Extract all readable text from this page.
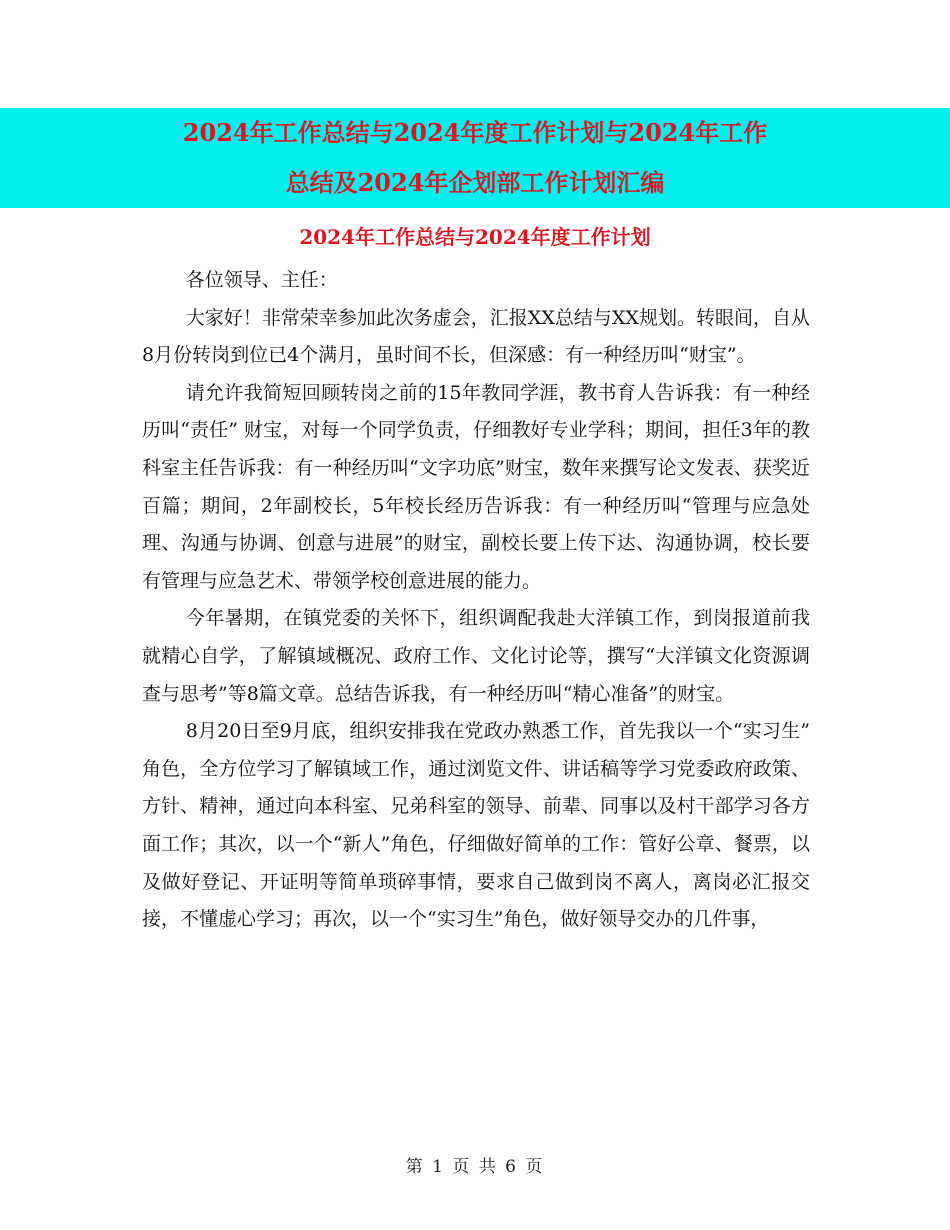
2024年工作总结与2024年度工作计划与2024年工作
总结及2024年企划部工作计划汇编
2024年工作总结与2024年度工作计划

各位领导、主任：

大家好！非常荣幸参加此次务虚会，汇报XX总结与XX规划。转眼间，自从8月份转岗到位已4个满月，虽时间不长，但深感：有一种经历叫“财宝”。

请允许我简短回顾转岗之前的15年教同学涯，教书育人告诉我：有一种经历叫“责任” 财宝，对每一个同学负责，仔细教好专业学科；期间，担任3年的教科室主任告诉我：有一种经历叫“文字功底”财宝，数年来撰写论文发表、获奖近百篇；期间，2年副校长，5年校长经历告诉我：有一种经历叫“管理与应急处理、沟通与协调、创意与进展”的财宝，副校长要上传下达、沟通协调，校长要有管理与应急艺术、带领学校创意进展的能力。

今年暑期，在镇党委的关怀下，组织调配我赴大洋镇工作，到岗报道前我就精心自学，了解镇域概况、政府工作、文化讨论等，撰写“大洋镇文化资源调查与思考”等8篇文章。总结告诉我，有一种经历叫“精心准备”的财宝。

8月20日至9月底，组织安排我在党政办熟悉工作，首先我以一个“实习生” 角色，全方位学习了解镇域工作，通过浏览文件、讲话稿等学习党委政府政策、方针、精神，通过向本科室、兄弟科室的领导、前辈、同事以及村干部学习各方面工作；其次，以一个“新人”角色，仔细做好简单的工作：管好公章、餐票，以及做好登记、开证明等简单琐碎事情，要求自己做到岗不离人，离岗必汇报交接，不懂虚心学习；再次，以一个“实习生”角色，做好领导交办的几件事，

第 1 页 共 6 页
